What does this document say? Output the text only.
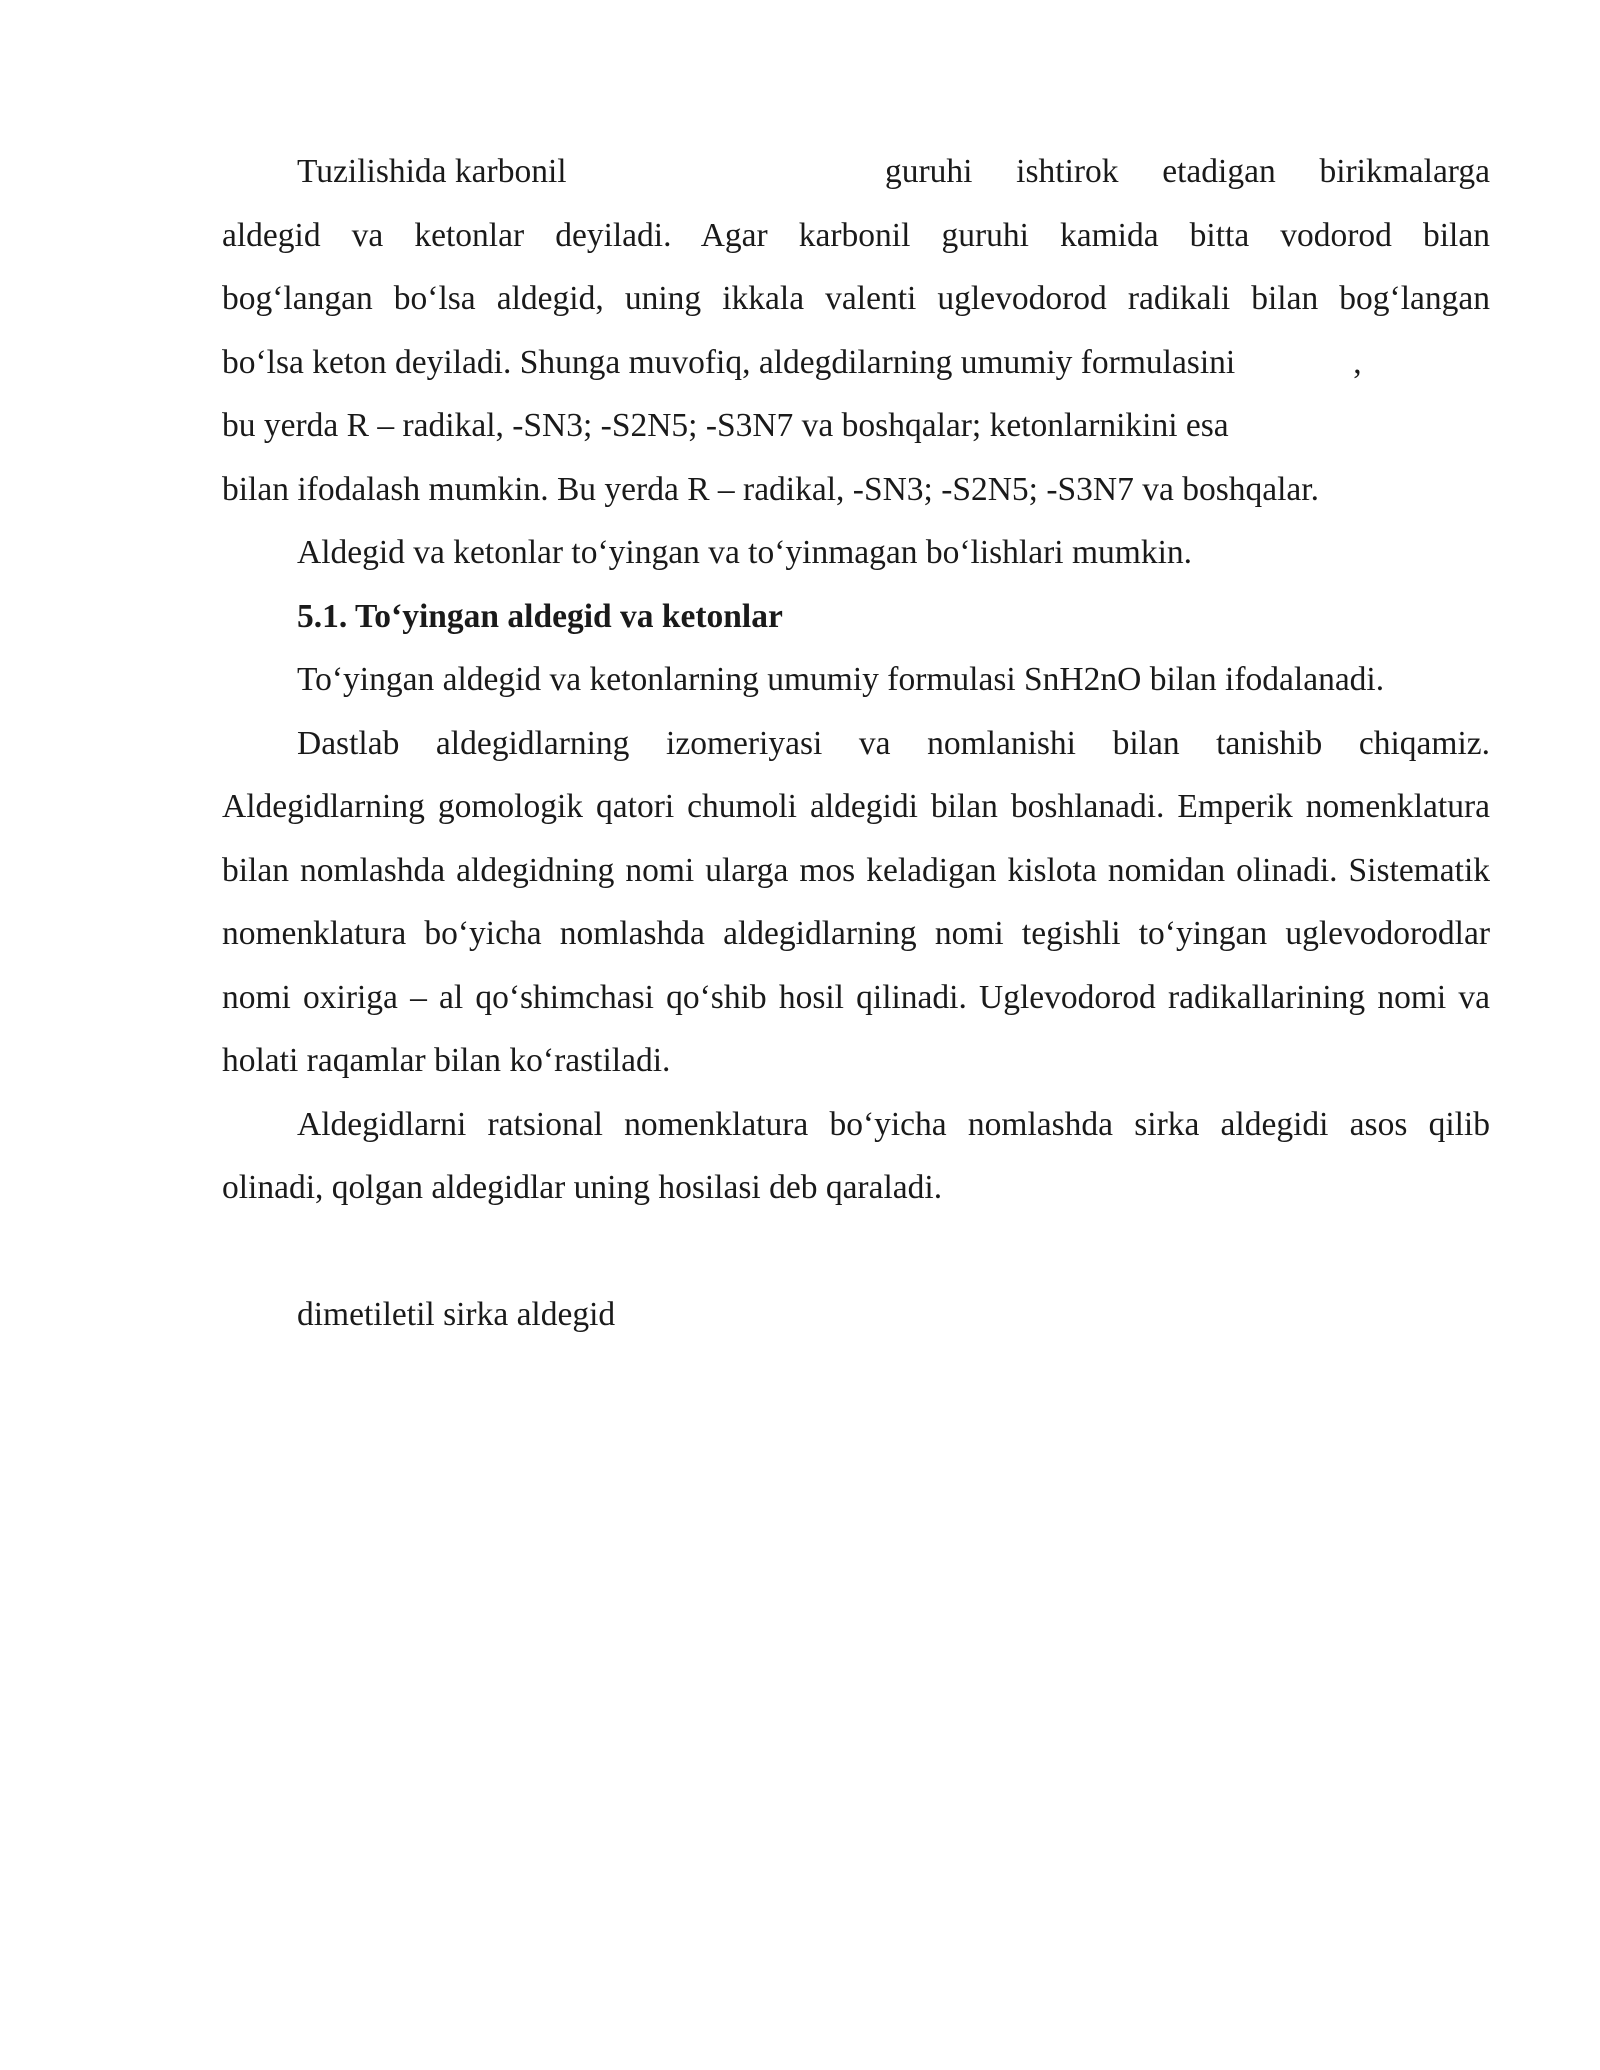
Tuzilishida karbonil	guruhi ishtirok etadigan birikmalarga
aldegid va ketonlar deyiladi. Agar karbonil guruhi kamida bitta vodorod bilan
bog‘langan bo‘lsa aldegid, uning ikkala valenti uglevodorod radikali bilan bog‘langan
bo‘lsa keton deyiladi. Shunga muvofiq, aldegdilarning umumiy formulasini	,
bu yerda R – radikal, -SN3; -S2N5; -S3N7 va boshqalar; ketonlarnikini esa
bilan ifodalash mumkin. Bu yerda R – radikal, -SN3; -S2N5; -S3N7 va boshqalar.

Aldegid va ketonlar to‘yingan va to‘yinmagan bo‘lishlari mumkin.

5.1. To‘yingan aldegid va ketonlar

To‘yingan aldegid va ketonlarning umumiy formulasi SnH2nO bilan ifodalanadi.

Dastlab aldegidlarning izomeriyasi va nomlanishi bilan tanishib chiqamiz. Aldegidlarning gomologik qatori chumoli aldegidi bilan boshlanadi. Emperik nomenklatura bilan nomlashda aldegidning nomi ularga mos keladigan kislota nomidan olinadi. Sistematik nomenklatura bo‘yicha nomlashda aldegidlarning nomi tegishli to‘yingan uglevodorodlar nomi oxiriga – al qo‘shimchasi qo‘shib hosil qilinadi. Uglevodorod radikallarining nomi va holati raqamlar bilan ko‘rastiladi.

Aldegidlarni ratsional nomenklatura bo‘yicha nomlashda sirka aldegidi asos qilib olinadi, qolgan aldegidlar uning hosilasi deb qaraladi.

dimetiletil sirka aldegid
